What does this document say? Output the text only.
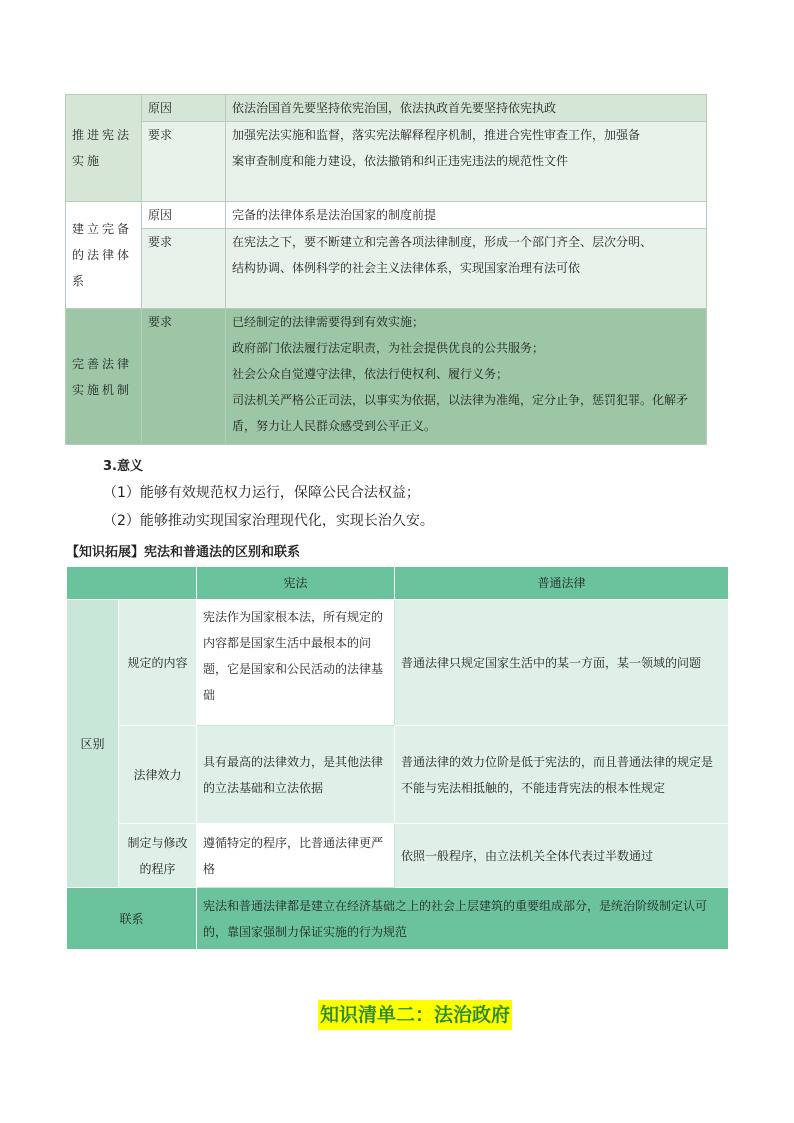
推进宪法实施	原因	依法治国首先要坚持依宪治国，依法执政首先要坚持依宪执政

	要求	加强宪法实施和监督，落实宪法解释程序机制，推进合宪性审查工作，加强备
案审查制度和能力建设，依法撤销和纠正违宪违法的规范性文件

建立完备的法律体系	原因	完备的法律体系是法治国家的制度前提

	要求	在宪法之下，要不断建立和完善各项法律制度，形成一个部门齐全、层次分明、
结构协调、体例科学的社会主义法律体系，实现国家治理有法可依

完善法律实施机制	要求	已经制定的法律需要得到有效实施；
政府部门依法履行法定职责，为社会提供优良的公共服务；
社会公众自觉遵守法律，依法行使权利、履行义务；
司法机关严格公正司法，以事实为依据，以法律为准绳，定分止争，惩罚犯罪。化解矛盾，努力让人民群众感受到公平正义。
3.意义
（1）能够有效规范权力运行，保障公民合法权益；
（2）能够推动实现国家治理现代化，实现长治久安。
【知识拓展】宪法和普通法的区别和联系
		宪法	普通法律
区别	规定的内容	宪法作为国家根本法，所有规定的内容都是国家生活中最根本的问题，它是国家和公民活动的法律基础	普通法律只规定国家生活中的某一方面，某一领域的问题
	法律效力	具有最高的法律效力，是其他法律的立法基础和立法依据	普通法律的效力位阶是低于宪法的，而且普通法律的规定是不能与宪法相抵触的，不能违背宪法的根本性规定
	制定与修改的程序	遵循特定的程序，比普通法律更严格	依照一般程序，由立法机关全体代表过半数通过
联系		宪法和普通法律都是建立在经济基础之上的社会上层建筑的重要组成部分，是统治阶级制定认可的，靠国家强制力保证实施的行为规范	
知识清单二：法治政府
